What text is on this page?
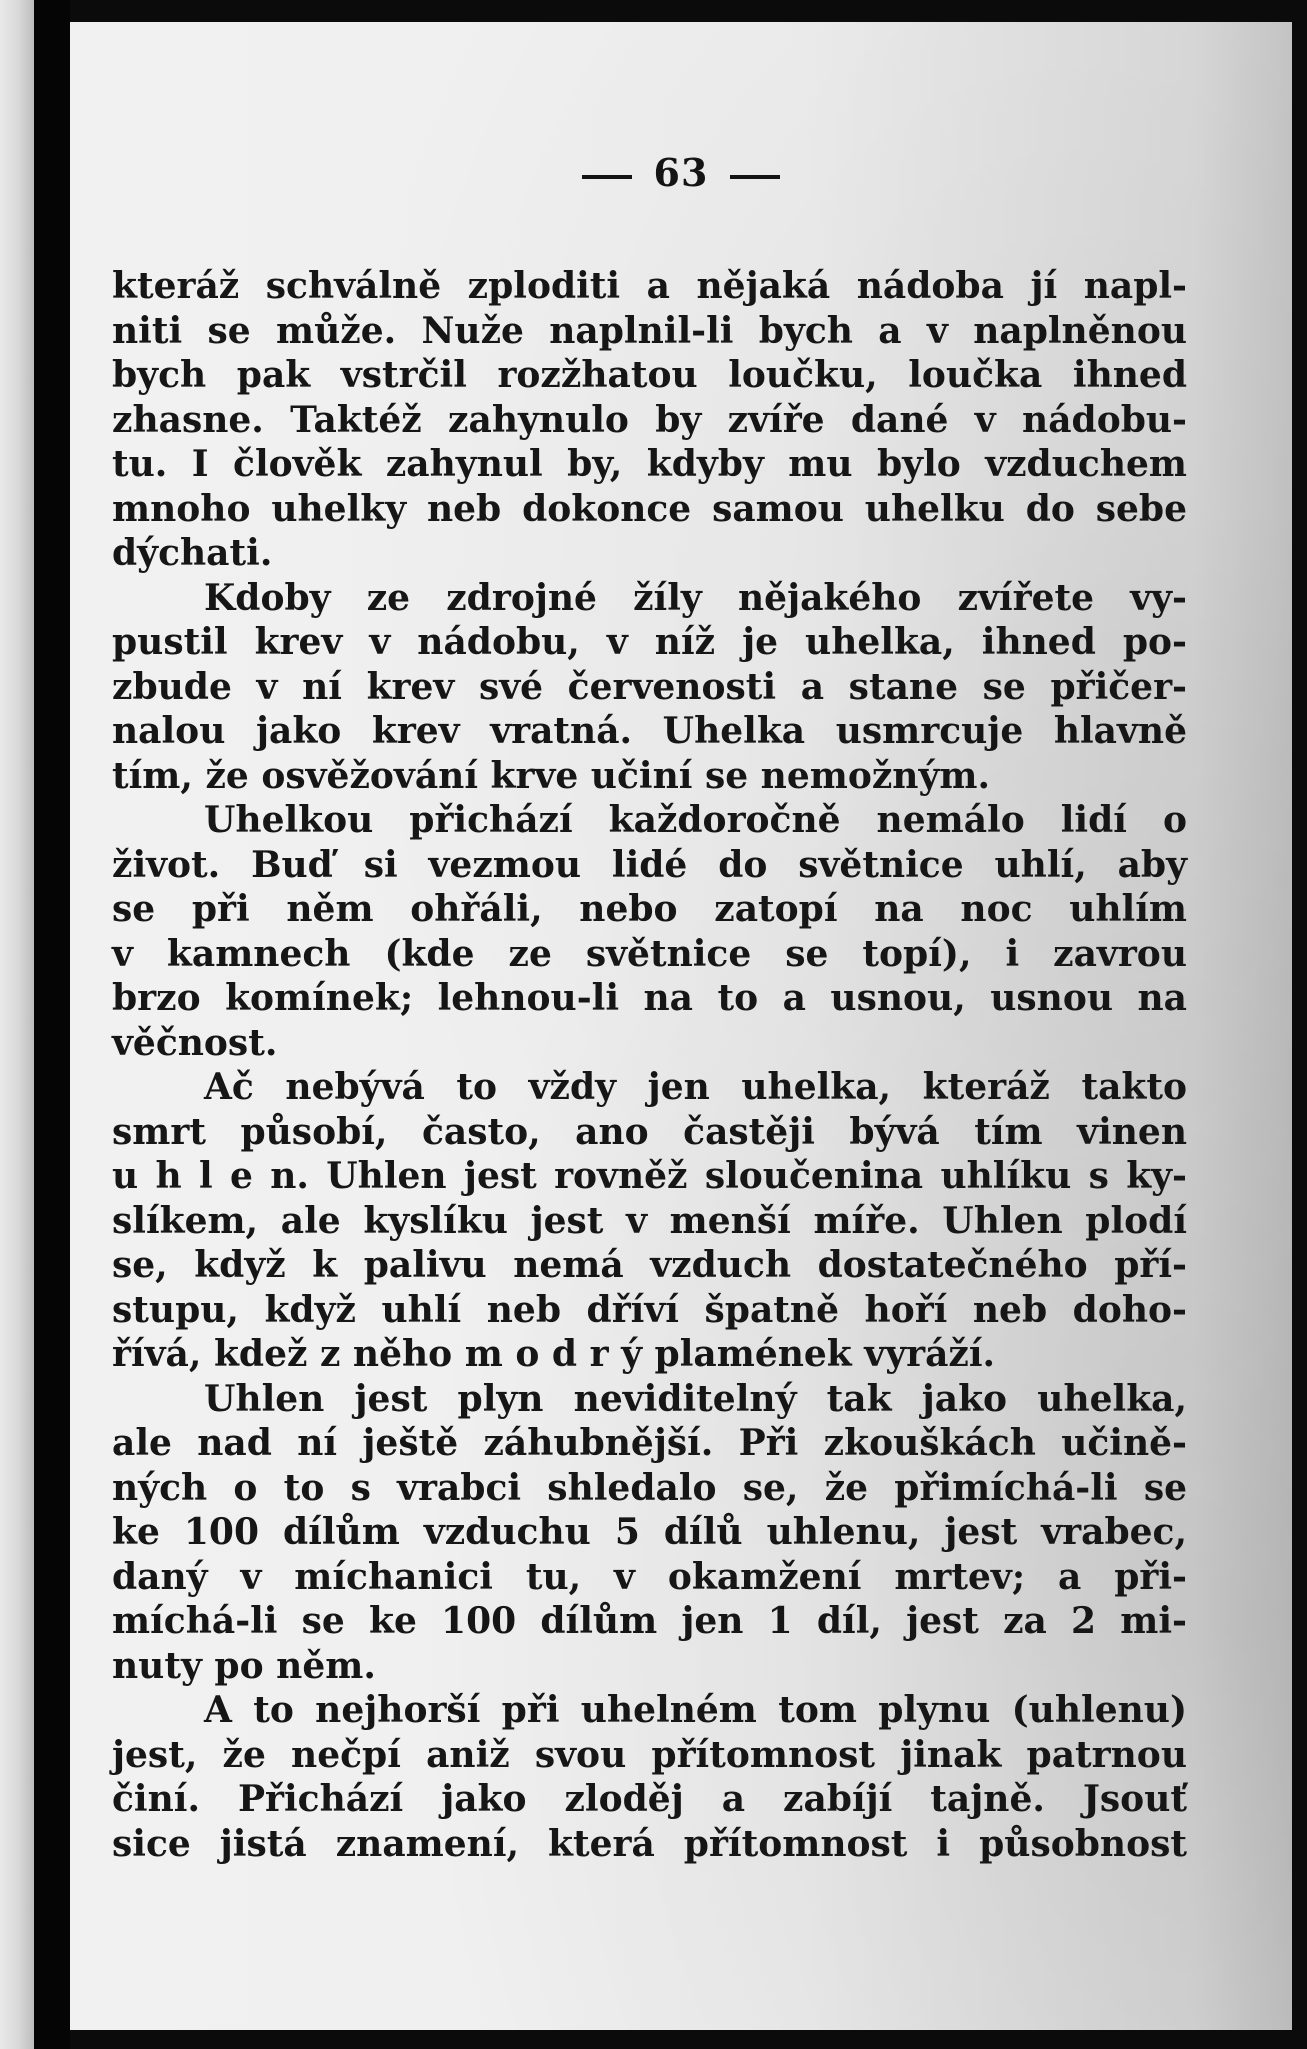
63
kteráž schválně zploditi a nějaká nádoba jí napl-
niti se může. Nuže naplnil-li bych a v naplněnou
bych pak vstrčil rozžhatou loučku, loučka ihned
zhasne. Taktéž zahynulo by zvíře dané v nádobu-
tu. I člověk zahynul by, kdyby mu bylo vzduchem
mnoho uhelky neb dokonce samou uhelku do sebe
dýchati.
Kdoby ze zdrojné žíly nějakého zvířete vy-
pustil krev v nádobu, v níž je uhelka, ihned po-
zbude v ní krev své červenosti a stane se přičer-
nalou jako krev vratná. Uhelka usmrcuje hlavně
tím, že osvěžování krve učiní se nemožným.
Uhelkou přichází každoročně nemálo lidí o
život. Buď si vezmou lidé do světnice uhlí, aby
se při něm ohřáli, nebo zatopí na noc uhlím
v kamnech (kde ze světnice se topí), i zavrou
brzo komínek; lehnou-li na to a usnou, usnou na
věčnost.
Ač nebývá to vždy jen uhelka, kteráž takto
smrt působí, často, ano častěji bývá tím vinen
u h l e n. Uhlen jest rovněž sloučenina uhlíku s ky-
slíkem, ale kyslíku jest v menší míře. Uhlen plodí
se, když k palivu nemá vzduch dostatečného pří-
stupu, když uhlí neb dříví špatně hoří neb doho-
řívá, kdež z něho m o d r ý plamének vyráží.
Uhlen jest plyn neviditelný tak jako uhelka,
ale nad ní ještě záhubnější. Při zkouškách učině-
ných o to s vrabci shledalo se, že přimíchá-li se
ke 100 dílům vzduchu 5 dílů uhlenu, jest vrabec,
daný v míchanici tu, v okamžení mrtev; a při-
míchá-li se ke 100 dílům jen 1 díl, jest za 2 mi-
nuty po něm.
A to nejhorší při uhelném tom plynu (uhlenu)
jest, že nečpí aniž svou přítomnost jinak patrnou
činí. Přichází jako zloděj a zabíjí tajně. Jsouť
sice jistá znamení, která přítomnost i působnost
